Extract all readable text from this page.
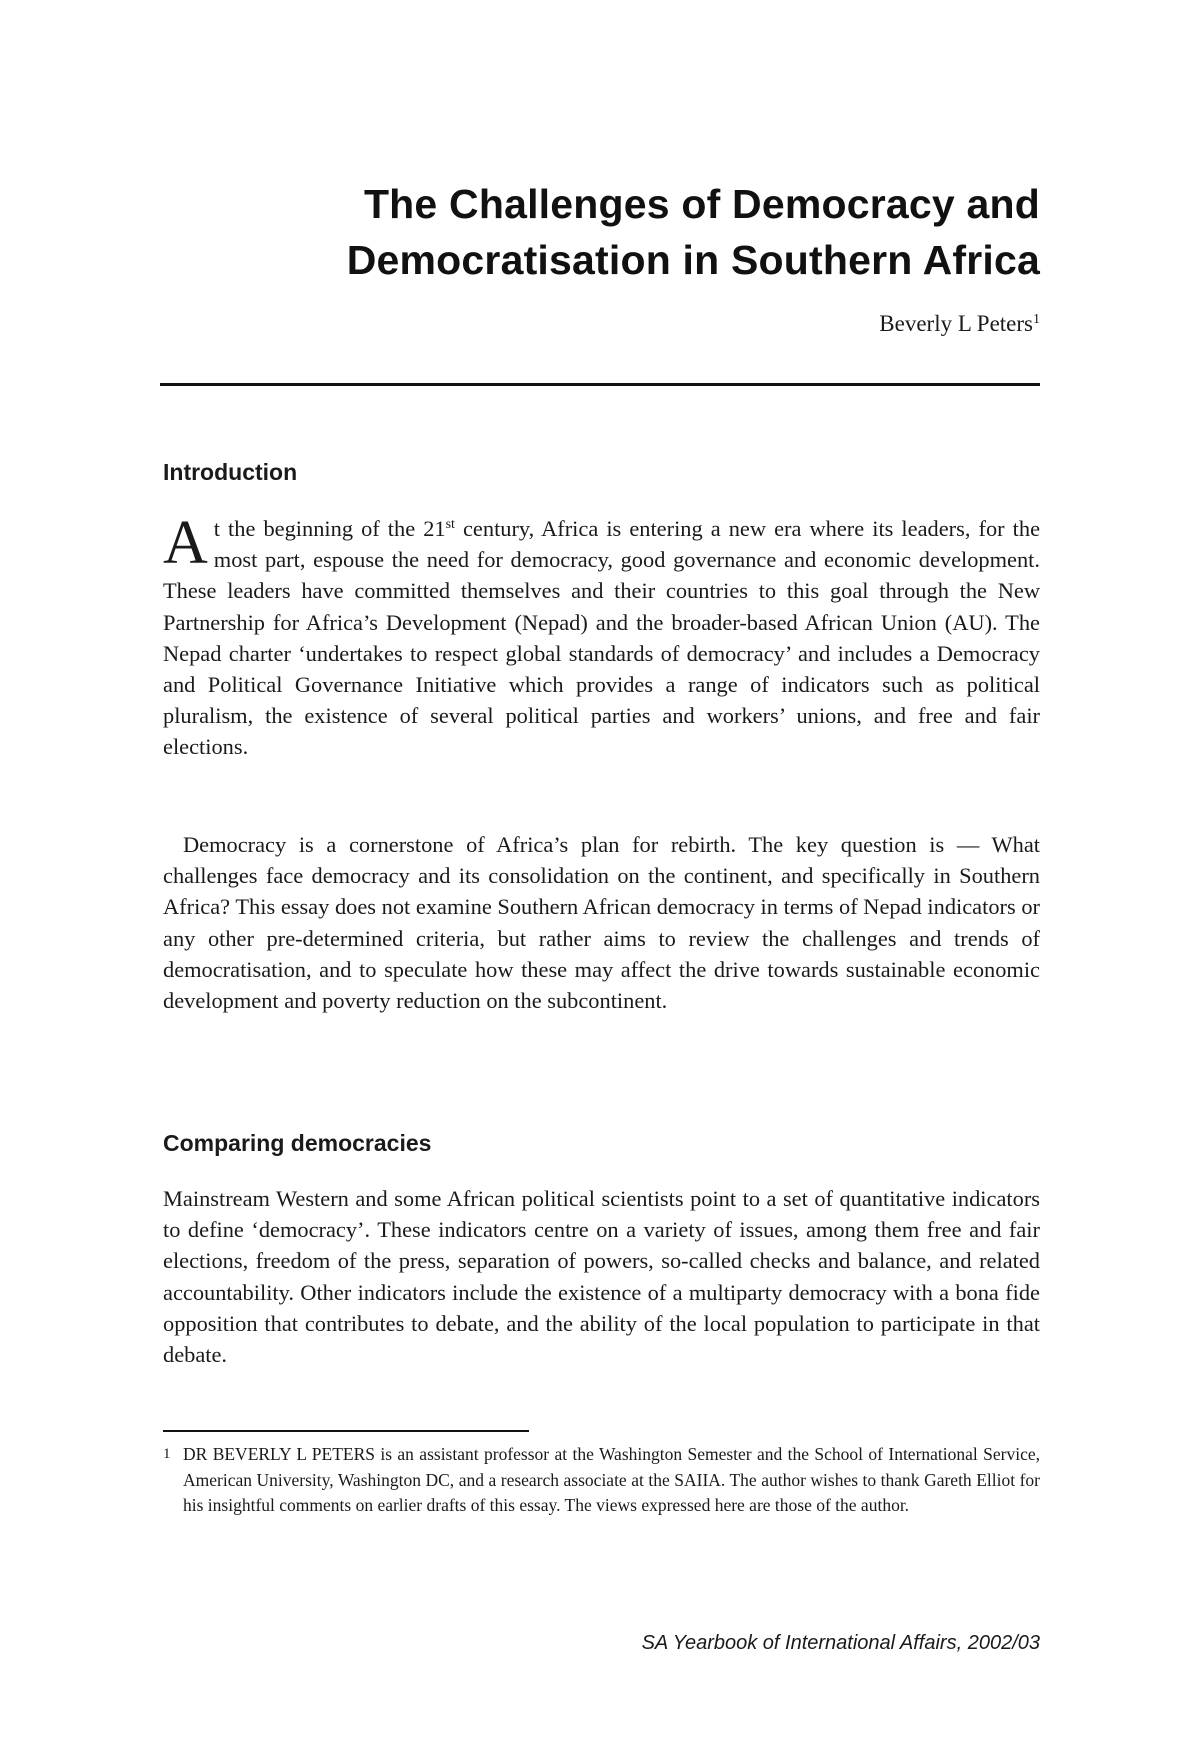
The Challenges of Democracy and
Democratisation in Southern Africa
Beverly L Peters$^1$
Introduction

At the beginning of the 21st century, Africa is entering a new era where its leaders, for the most part, espouse the need for democracy, good governance and economic development. These leaders have committed themselves and their countries to this goal through the New Partnership for Africa’s Development (Nepad) and the broader-based African Union (AU). The Nepad charter ‘undertakes to respect global standards of democracy’ and includes a Democracy and Political Governance Initiative which provides a range of indicators such as political pluralism, the existence of several political parties and workers’ unions, and free and fair elections.

Democracy is a cornerstone of Africa’s plan for rebirth. The key question is — What challenges face democracy and its consolidation on the continent, and specifically in Southern Africa? This essay does not examine Southern African democracy in terms of Nepad indicators or any other pre-determined criteria, but rather aims to review the challenges and trends of democratisation, and to speculate how these may affect the drive towards sustainable economic development and poverty reduction on the subcontinent.

Comparing democracies

Mainstream Western and some African political scientists point to a set of quantitative indicators to define ‘democracy’. These indicators centre on a variety of issues, among them free and fair elections, freedom of the press, separation of powers, so-called checks and balance, and related accountability. Other indicators include the existence of a multiparty democracy with a bona fide opposition that contributes to debate, and the ability of the local population to participate in that debate.

1 DR BEVERLY L PETERS is an assistant professor at the Washington Semester and the School of International Service, American University, Washington DC, and a research associate at the SAIIA. The author wishes to thank Gareth Elliot for his insightful comments on earlier drafts of this essay. The views expressed here are those of the author.
SA Yearbook of International Affairs, 2002/03
